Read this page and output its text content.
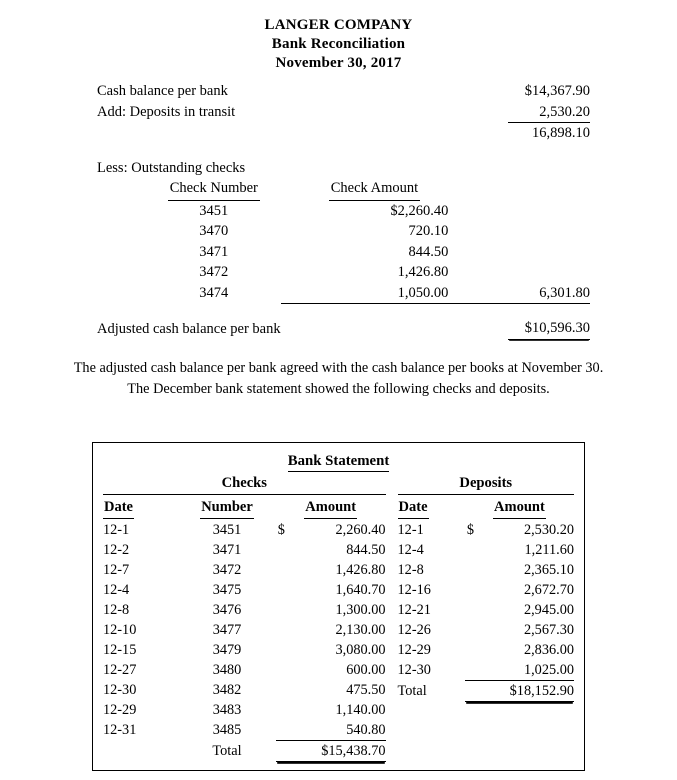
LANGER COMPANY
Bank Reconciliation
November 30, 2017
Cash balance per bank		$14,367.90
Add: Deposits in transit		2,530.20
		16,898.10

Less: Outstanding checks		
Check Number	Check Amount	
3451	$2,260.40	
3470	720.10	
3471	844.50	
3472	1,426.80	
3474	1,050.00	6,301.80

Adjusted cash balance per bank		$10,596.30

The adjusted cash balance per bank agreed with the cash balance per books at November 30.

The December bank statement showed the following checks and deposits.

Bank Statement
Checks
Date	Number	Amount
12-1	3451	$ 2,260.40
12-2	3471	844.50
12-7	3472	1,426.80
12-4	3475	1,640.70
12-8	3476	1,300.00
12-10	3477	2,130.00
12-15	3479	3,080.00
12-27	3480	600.00
12-30	3482	475.50
12-29	3483	1,140.00
12-31	3485	540.80
	Total	$15,438.70
Deposits
Date	Amount
12-1	$ 2,530.20
12-4	1,211.60
12-8	2,365.10
12-16	2,672.70
12-21	2,945.00
12-26	2,567.30
12-29	2,836.00
12-30	1,025.00
Total	$18,152.90
